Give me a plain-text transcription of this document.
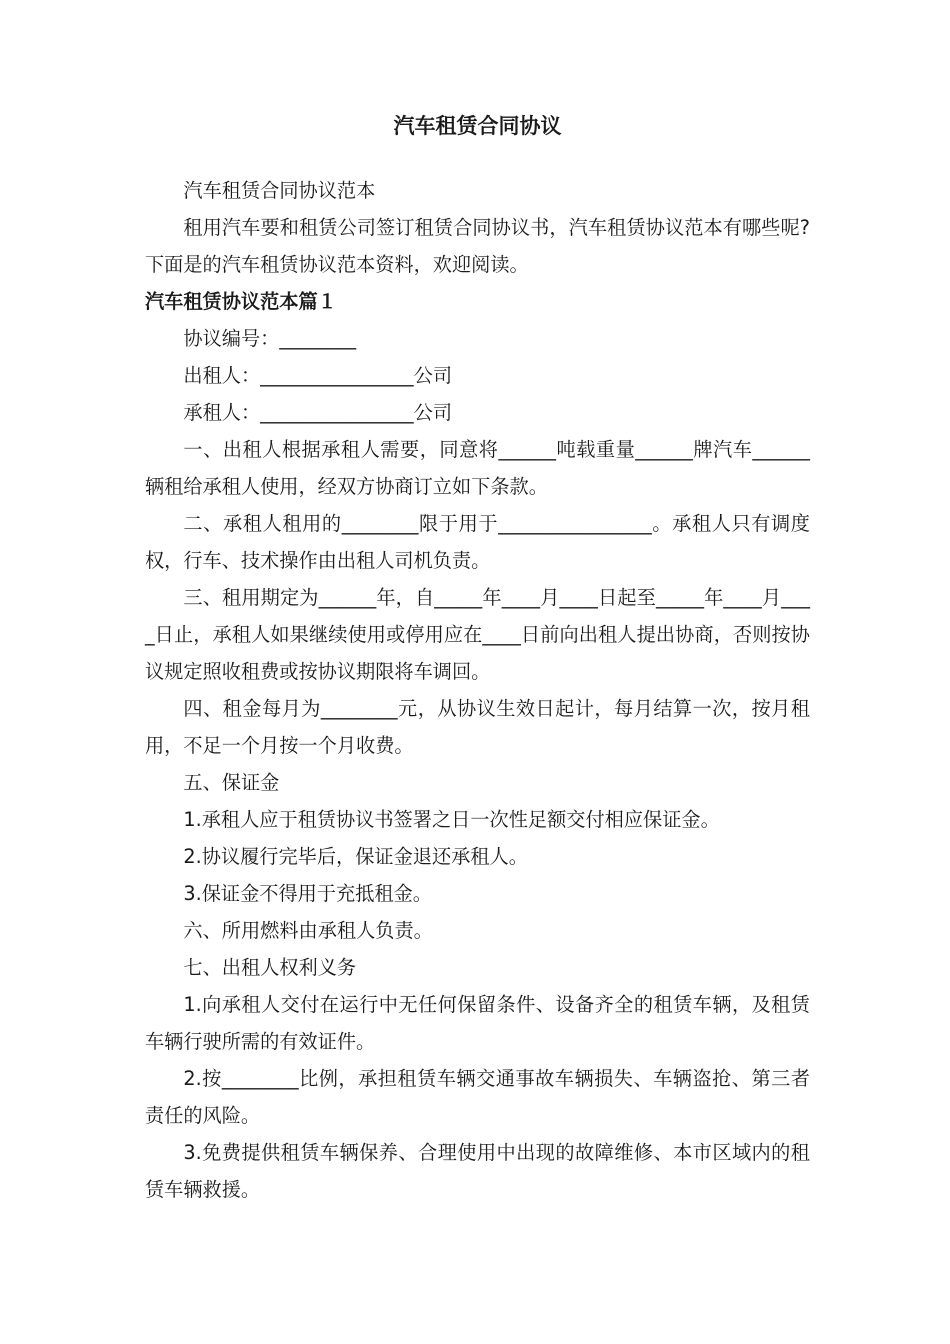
汽车租赁合同协议

汽车租赁合同协议范本

租用汽车要和租赁公司签订租赁合同协议书，汽车租赁协议范本有哪些呢?下面是的汽车租赁协议范本资料，欢迎阅读。

汽车租赁协议范本篇１

协议编号：________

出租人：________________公司

承租人：________________公司

一、出租人根据承租人需要，同意将______吨载重量______牌汽车______辆租给承租人使用，经双方协商订立如下条款。

二、承租人租用的________限于用于________________。承租人只有调度权，行车、技术操作由出租人司机负责。

三、租用期定为______年，自_____年____月____日起至_____年____月____日止，承租人如果继续使用或停用应在____日前向出租人提出协商，否则按协议规定照收租费或按协议期限将车调回。

四、租金每月为________元，从协议生效日起计，每月结算一次，按月租用，不足一个月按一个月收费。

五、保证金

1.承租人应于租赁协议书签署之日一次性足额交付相应保证金。

2.协议履行完毕后，保证金退还承租人。

3.保证金不得用于充抵租金。

六、所用燃料由承租人负责。

七、出租人权利义务

1.向承租人交付在运行中无任何保留条件、设备齐全的租赁车辆，及租赁车辆行驶所需的有效证件。

2.按________比例，承担租赁车辆交通事故车辆损失、车辆盗抢、第三者责任的风险。

3.免费提供租赁车辆保养、合理使用中出现的故障维修、本市区域内的租赁车辆救援。
